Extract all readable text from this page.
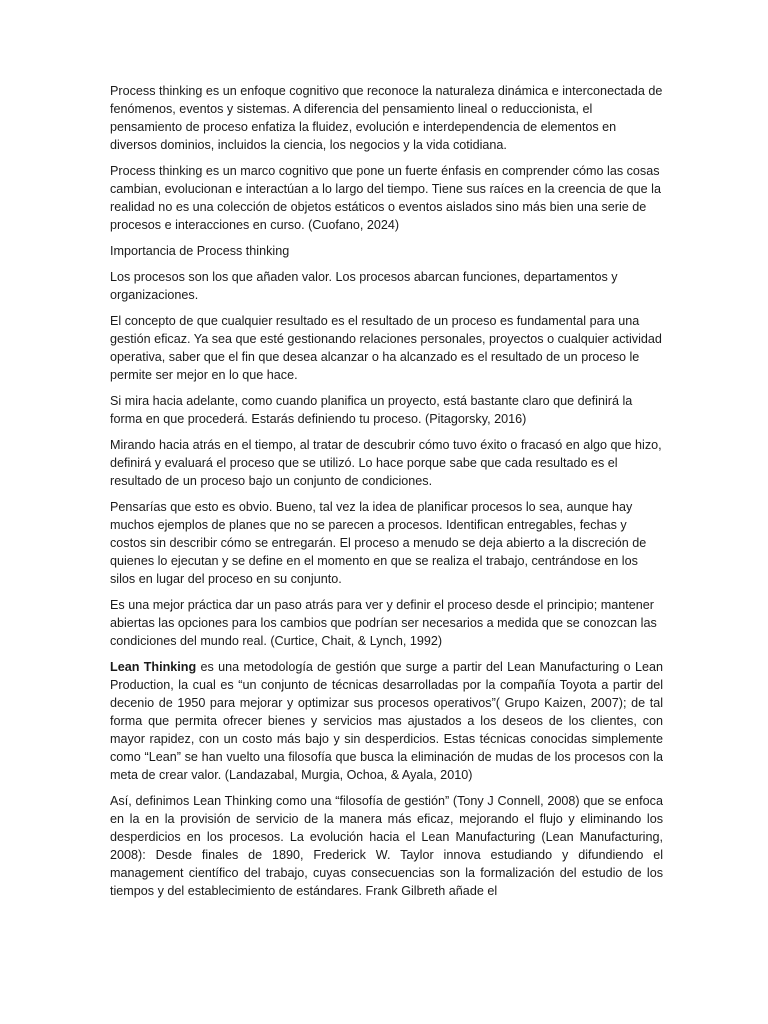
Process thinking es un enfoque cognitivo que reconoce la naturaleza dinámica e interconectada de fenómenos, eventos y sistemas. A diferencia del pensamiento lineal o reduccionista, el pensamiento de proceso enfatiza la fluidez, evolución e interdependencia de elementos en diversos dominios, incluidos la ciencia, los negocios y la vida cotidiana.

Process thinking es un marco cognitivo que pone un fuerte énfasis en comprender cómo las cosas cambian, evolucionan e interactúan a lo largo del tiempo. Tiene sus raíces en la creencia de que la realidad no es una colección de objetos estáticos o eventos aislados sino más bien una serie de procesos e interacciones en curso. (Cuofano, 2024)

Importancia de Process thinking

Los procesos son los que añaden valor. Los procesos abarcan funciones, departamentos y organizaciones.

El concepto de que cualquier resultado es el resultado de un proceso es fundamental para una gestión eficaz. Ya sea que esté gestionando relaciones personales, proyectos o cualquier actividad operativa, saber que el fin que desea alcanzar o ha alcanzado es el resultado de un proceso le permite ser mejor en lo que hace.

Si mira hacia adelante, como cuando planifica un proyecto, está bastante claro que definirá la forma en que procederá. Estarás definiendo tu proceso. (Pitagorsky, 2016)

Mirando hacia atrás en el tiempo, al tratar de descubrir cómo tuvo éxito o fracasó en algo que hizo, definirá y evaluará el proceso que se utilizó. Lo hace porque sabe que cada resultado es el resultado de un proceso bajo un conjunto de condiciones.

Pensarías que esto es obvio. Bueno, tal vez la idea de planificar procesos lo sea, aunque hay muchos ejemplos de planes que no se parecen a procesos. Identifican entregables, fechas y costos sin describir cómo se entregarán. El proceso a menudo se deja abierto a la discreción de quienes lo ejecutan y se define en el momento en que se realiza el trabajo, centrándose en los silos en lugar del proceso en su conjunto.

Es una mejor práctica dar un paso atrás para ver y definir el proceso desde el principio; mantener abiertas las opciones para los cambios que podrían ser necesarios a medida que se conozcan las condiciones del mundo real. (Curtice, Chait, & Lynch, 1992)

Lean Thinking es una metodología de gestión que surge a partir del Lean Manufacturing o Lean Production, la cual es “un conjunto de técnicas desarrolladas por la compañía Toyota a partir del decenio de 1950 para mejorar y optimizar sus procesos operativos”( Grupo Kaizen, 2007); de tal forma que permita ofrecer bienes y servicios mas ajustados a los deseos de los clientes, con mayor rapidez, con un costo más bajo y sin desperdicios. Estas técnicas conocidas simplemente como “Lean” se han vuelto una filosofía que busca la eliminación de mudas de los procesos con la meta de crear valor. (Landazabal, Murgia, Ochoa, & Ayala, 2010)

Así, definimos Lean Thinking como una “filosofía de gestión” (Tony J Connell, 2008) que se enfoca en la en la provisión de servicio de la manera más eficaz, mejorando el flujo y eliminando los desperdicios en los procesos. La evolución hacia el Lean Manufacturing (Lean Manufacturing, 2008): Desde finales de 1890, Frederick W. Taylor innova estudiando y difundiendo el management científico del trabajo, cuyas consecuencias son la formalización del estudio de los tiempos y del establecimiento de estándares. Frank Gilbreth añade el
